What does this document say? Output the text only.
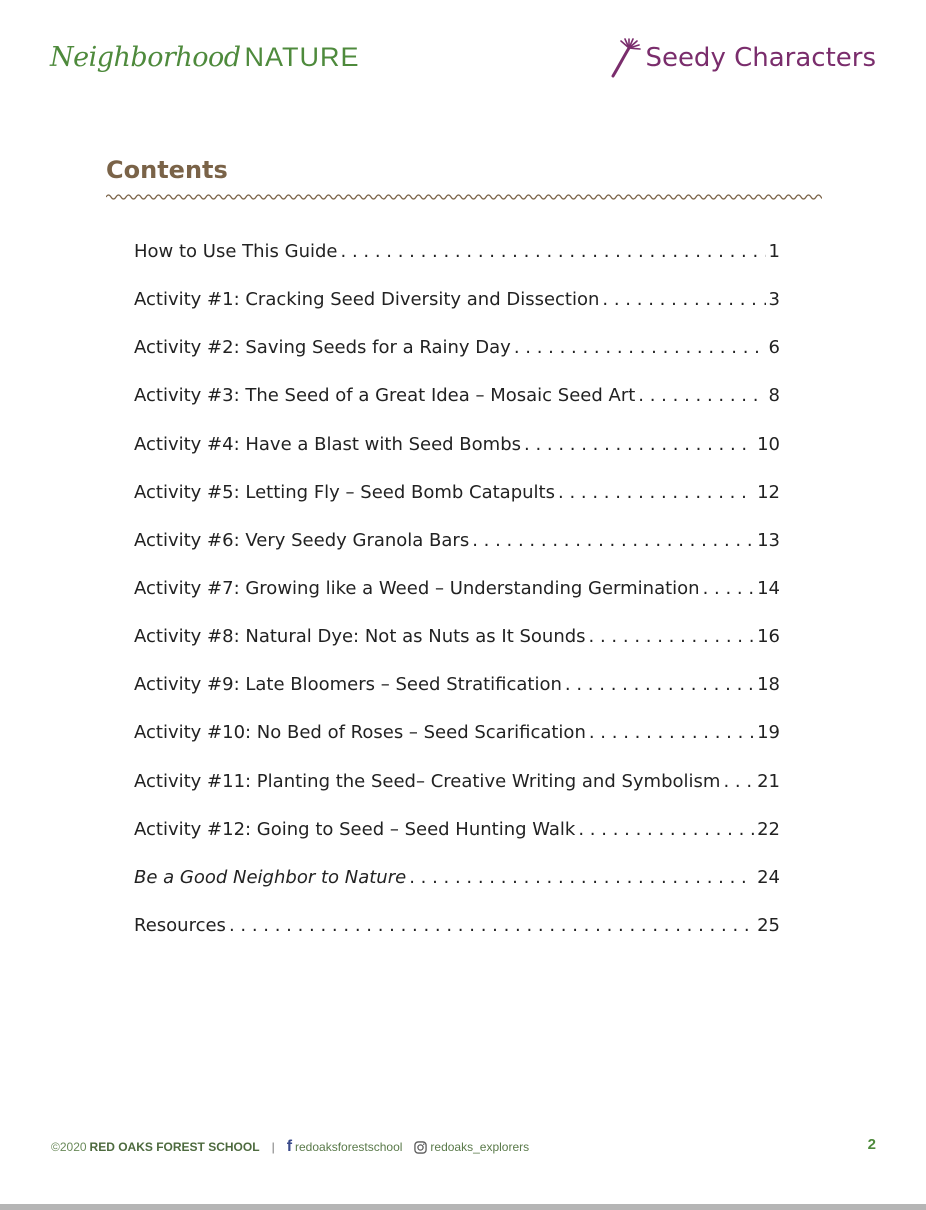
Neighborhood NATURE	Seedy Characters
Contents
How to Use This Guide . . .	1
Activity #1: Cracking Seed Diversity and Dissection . . .	3
Activity #2: Saving Seeds for a Rainy Day . . .	6
Activity #3: The Seed of a Great Idea – Mosaic Seed Art . . .	8
Activity #4: Have a Blast with Seed Bombs . . .	10
Activity #5: Letting Fly – Seed Bomb Catapults . . .	12
Activity #6: Very Seedy Granola Bars . . .	13
Activity #7: Growing like a Weed – Understanding Germination . . .	14
Activity #8: Natural Dye: Not as Nuts as It Sounds . . .	16
Activity #9: Late Bloomers – Seed Stratification . . .	18
Activity #10: No Bed of Roses – Seed Scarification . . .	19
Activity #11: Planting the Seed– Creative Writing and Symbolism . . . 21
Activity #12: Going to Seed – Seed Hunting Walk . . .	22
Be a Good Neighbor to Nature . . .	24
Resources . . .	25
©2020 RED OAKS FOREST SCHOOL | f redoaksforestschool redoaks_explorers	2
